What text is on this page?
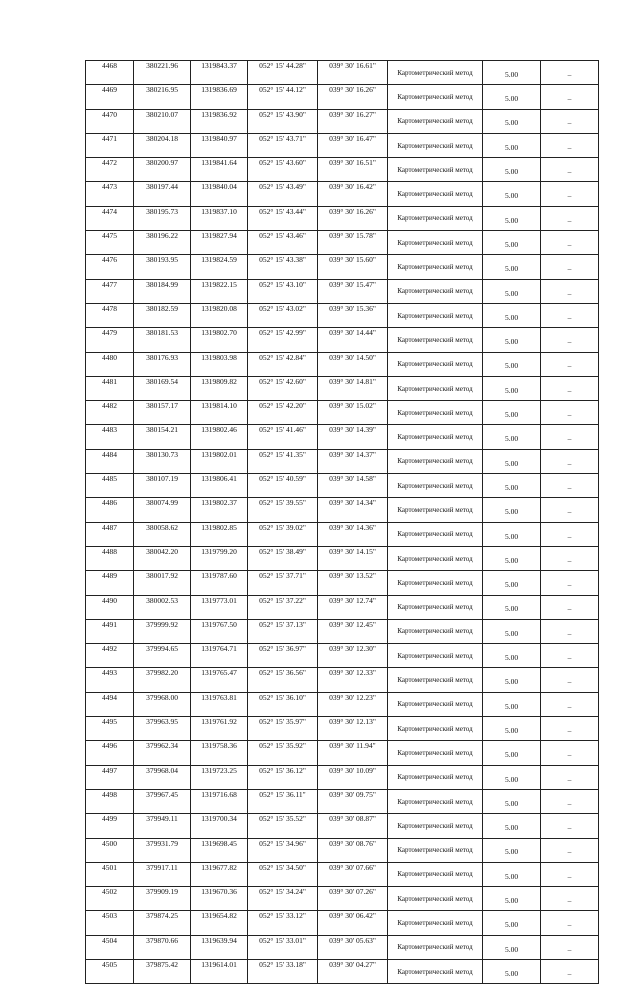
4468	380221.96	1319843.37	052° 15' 44.28"	039° 30' 16.61"	Картометрический метод	5.00	–
4469	380216.95	1319836.69	052° 15' 44.12"	039° 30' 16.26"	Картометрический метод	5.00	–
4470	380210.07	1319836.92	052° 15' 43.90"	039° 30' 16.27"	Картометрический метод	5.00	–
4471	380204.18	1319840.97	052° 15' 43.71"	039° 30' 16.47"	Картометрический метод	5.00	–
4472	380200.97	1319841.64	052° 15' 43.60"	039° 30' 16.51"	Картометрический метод	5.00	–
4473	380197.44	1319840.04	052° 15' 43.49"	039° 30' 16.42"	Картометрический метод	5.00	–
4474	380195.73	1319837.10	052° 15' 43.44"	039° 30' 16.26"	Картометрический метод	5.00	–
4475	380196.22	1319827.94	052° 15' 43.46"	039° 30' 15.78"	Картометрический метод	5.00	–
4476	380193.95	1319824.59	052° 15' 43.38"	039° 30' 15.60"	Картометрический метод	5.00	–
4477	380184.99	1319822.15	052° 15' 43.10"	039° 30' 15.47"	Картометрический метод	5.00	–
4478	380182.59	1319820.08	052° 15' 43.02"	039° 30' 15.36"	Картометрический метод	5.00	–
4479	380181.53	1319802.70	052° 15' 42.99"	039° 30' 14.44"	Картометрический метод	5.00	–
4480	380176.93	1319803.98	052° 15' 42.84"	039° 30' 14.50"	Картометрический метод	5.00	–
4481	380169.54	1319809.82	052° 15' 42.60"	039° 30' 14.81"	Картометрический метод	5.00	–
4482	380157.17	1319814.10	052° 15' 42.20"	039° 30' 15.02"	Картометрический метод	5.00	–
4483	380154.21	1319802.46	052° 15' 41.46"	039° 30' 14.39"	Картометрический метод	5.00	–
4484	380130.73	1319802.01	052° 15' 41.35"	039° 30' 14.37"	Картометрический метод	5.00	–
4485	380107.19	1319806.41	052° 15' 40.59"	039° 30' 14.58"	Картометрический метод	5.00	–
4486	380074.99	1319802.37	052° 15' 39.55"	039° 30' 14.34"	Картометрический метод	5.00	–
4487	380058.62	1319802.85	052° 15' 39.02"	039° 30' 14.36"	Картометрический метод	5.00	–
4488	380042.20	1319799.20	052° 15' 38.49"	039° 30' 14.15"	Картометрический метод	5.00	–
4489	380017.92	1319787.60	052° 15' 37.71"	039° 30' 13.52"	Картометрический метод	5.00	–
4490	380002.53	1319773.01	052° 15' 37.22"	039° 30' 12.74"	Картометрический метод	5.00	–
4491	379999.92	1319767.50	052° 15' 37.13"	039° 30' 12.45"	Картометрический метод	5.00	–
4492	379994.65	1319764.71	052° 15' 36.97"	039° 30' 12.30"	Картометрический метод	5.00	–
4493	379982.20	1319765.47	052° 15' 36.56"	039° 30' 12.33"	Картометрический метод	5.00	–
4494	379968.00	1319763.81	052° 15' 36.10"	039° 30' 12.23"	Картометрический метод	5.00	–
4495	379963.95	1319761.92	052° 15' 35.97"	039° 30' 12.13"	Картометрический метод	5.00	–
4496	379962.34	1319758.36	052° 15' 35.92"	039° 30' 11.94"	Картометрический метод	5.00	–
4497	379968.04	1319723.25	052° 15' 36.12"	039° 30' 10.09"	Картометрический метод	5.00	–
4498	379967.45	1319716.68	052° 15' 36.11"	039° 30' 09.75"	Картометрический метод	5.00	–
4499	379949.11	1319700.34	052° 15' 35.52"	039° 30' 08.87"	Картометрический метод	5.00	–
4500	379931.79	1319698.45	052° 15' 34.96"	039° 30' 08.76"	Картометрический метод	5.00	–
4501	379917.11	1319677.82	052° 15' 34.50"	039° 30' 07.66"	Картометрический метод	5.00	–
4502	379909.19	1319670.36	052° 15' 34.24"	039° 30' 07.26"	Картометрический метод	5.00	–
4503	379874.25	1319654.82	052° 15' 33.12"	039° 30' 06.42"	Картометрический метод	5.00	–
4504	379870.66	1319639.94	052° 15' 33.01"	039° 30' 05.63"	Картометрический метод	5.00	–
4505	379875.42	1319614.01	052° 15' 33.18"	039° 30' 04.27"	Картометрический метод	5.00	–
